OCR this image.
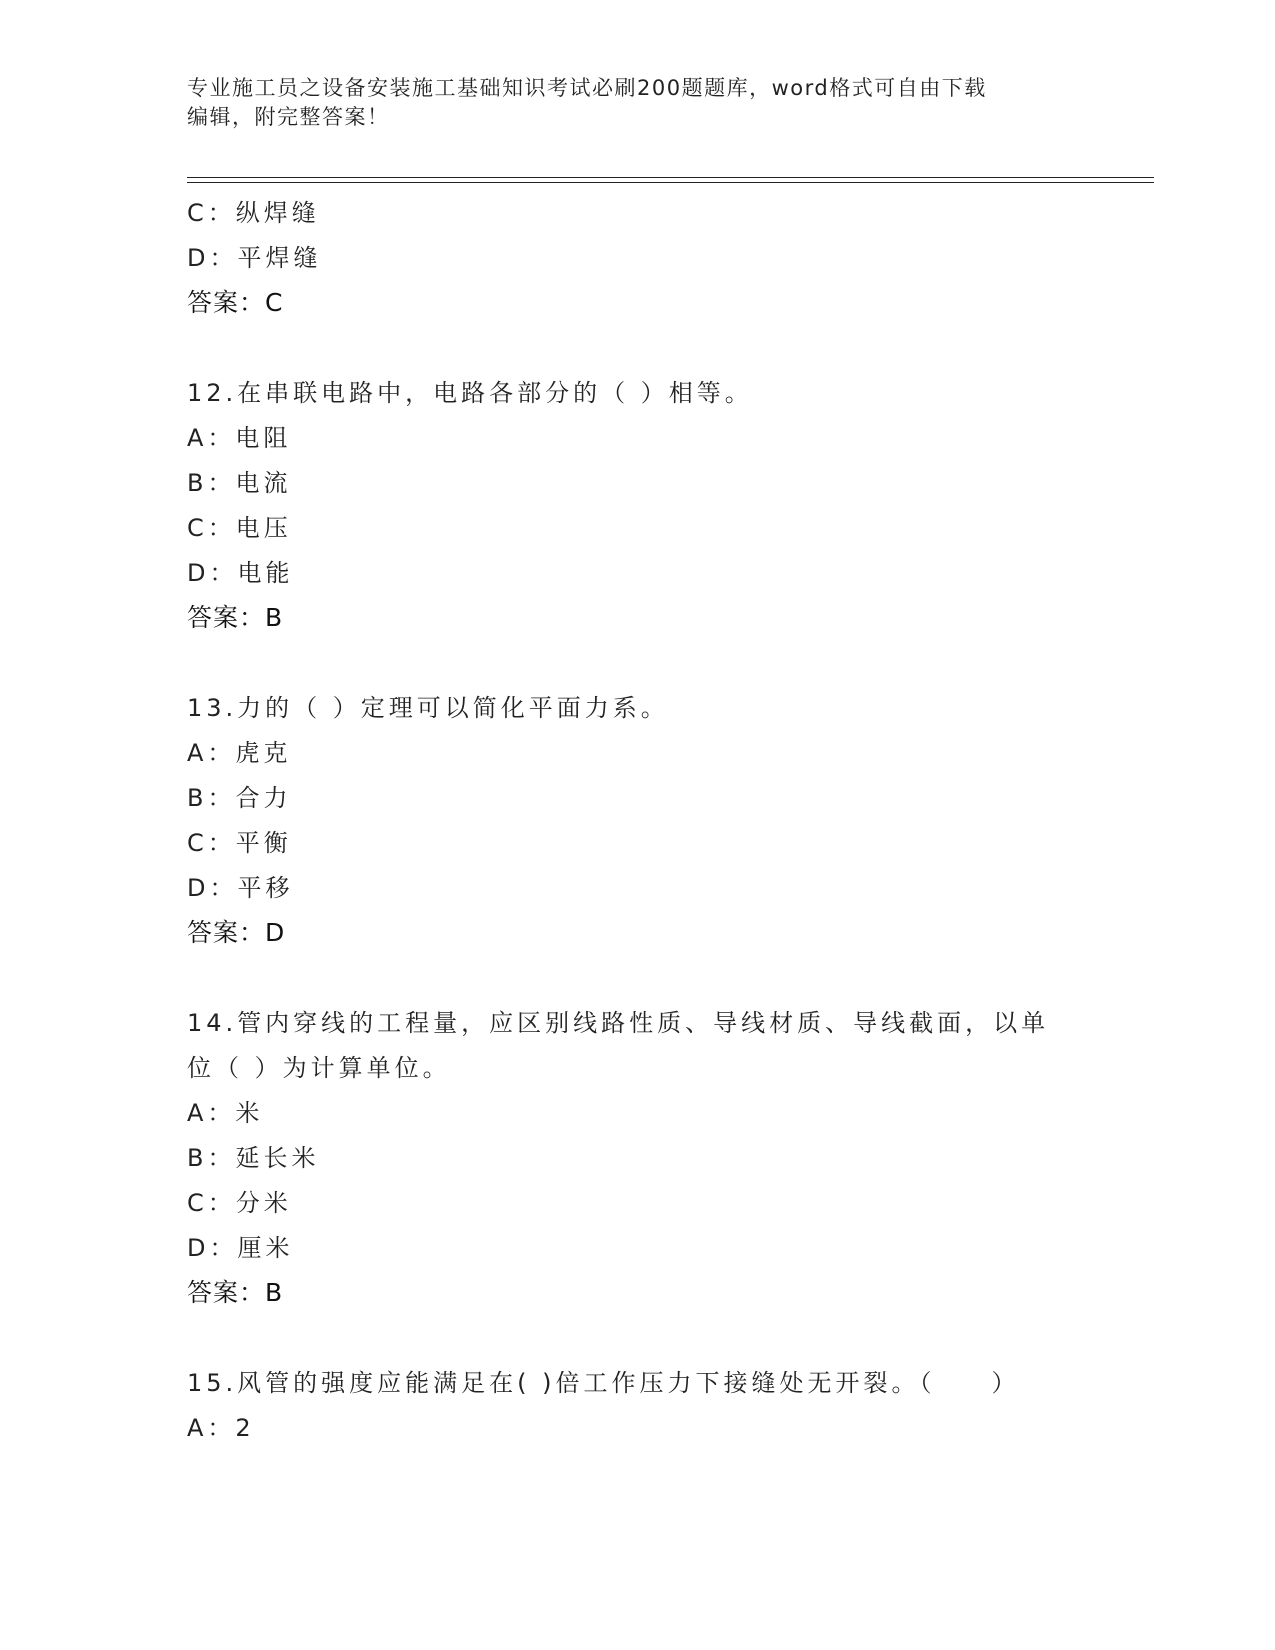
专业施工员之设备安装施工基础知识考试必刷200题题库，word格式可自由下载
编辑，附完整答案！
C：纵焊缝
D：平焊缝
答案：C
12.在串联电路中，电路各部分的（ ）相等。
A：电阻
B：电流
C：电压
D：电能
答案：B
13.力的（ ）定理可以简化平面力系。
A：虎克
B：合力
C：平衡
D：平移
答案：D
14.管内穿线的工程量，应区别线路性质、导线材质、导线截面，以单
位（ ）为计算单位。
A：米
B：延长米
C：分米
D：厘米
答案：B
15.风管的强度应能满足在( )倍工作压力下接缝处无开裂。（　　）
A：2
